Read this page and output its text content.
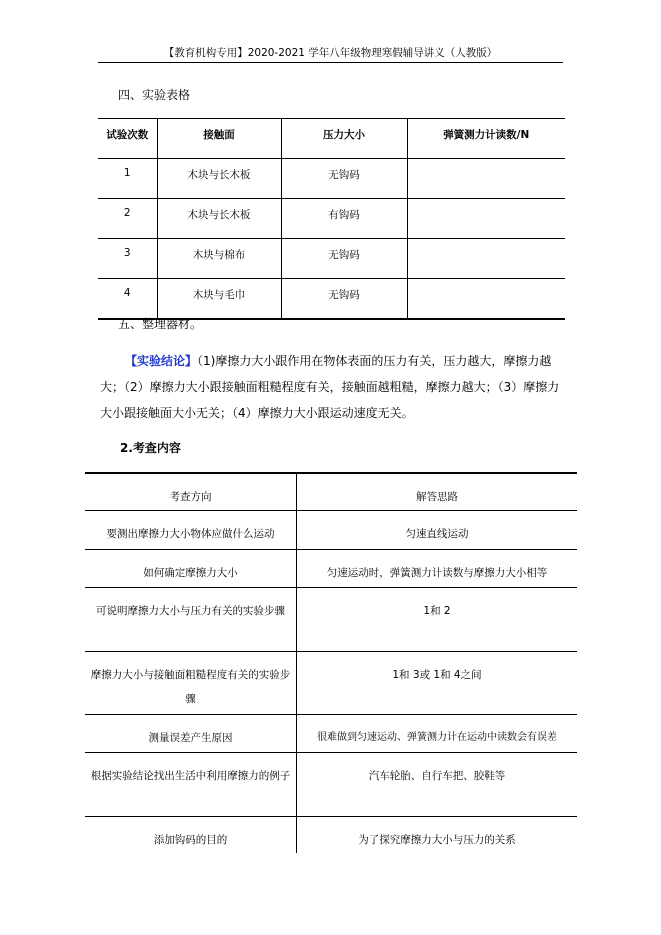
【教育机构专用】2020-2021 学年八年级物理寒假辅导讲义（人教版）
四、实验表格
试验次数	接触面	压力大小	弹簧测力计读数/N
1	木块与长木板	无钩码	
2	木块与长木板	有钩码	
3	木块与棉布	无钩码	
4	木块与毛巾	无钩码	
五、整理器材。
【实验结论】（1)摩擦力大小跟作用在物体表面的压力有关，压力越大，摩擦力越大；（2）摩擦力大小跟接触面粗糙程度有关，接触面越粗糙，摩擦力越大；（3）摩擦力大小跟接触面大小无关；（4）摩擦力大小跟运动速度无关。
2.考查内容
考查方向	解答思路
要测出摩擦力大小物体应做什么运动	匀速直线运动
如何确定摩擦力大小	匀速运动时，弹簧测力计读数与摩擦力大小相等
可说明摩擦力大小与压力有关的实验步骤	1和 2
摩擦力大小与接触面粗糙程度有关的实验步骤	1和 3或 1和 4之间
测量误差产生原因	很难做到匀速运动、弹簧测力计在运动中读数会有误差
根据实验结论找出生活中利用摩擦力的例子	汽车轮胎、自行车把、胶鞋等
添加钩码的目的	为了探究摩擦力大小与压力的关系
